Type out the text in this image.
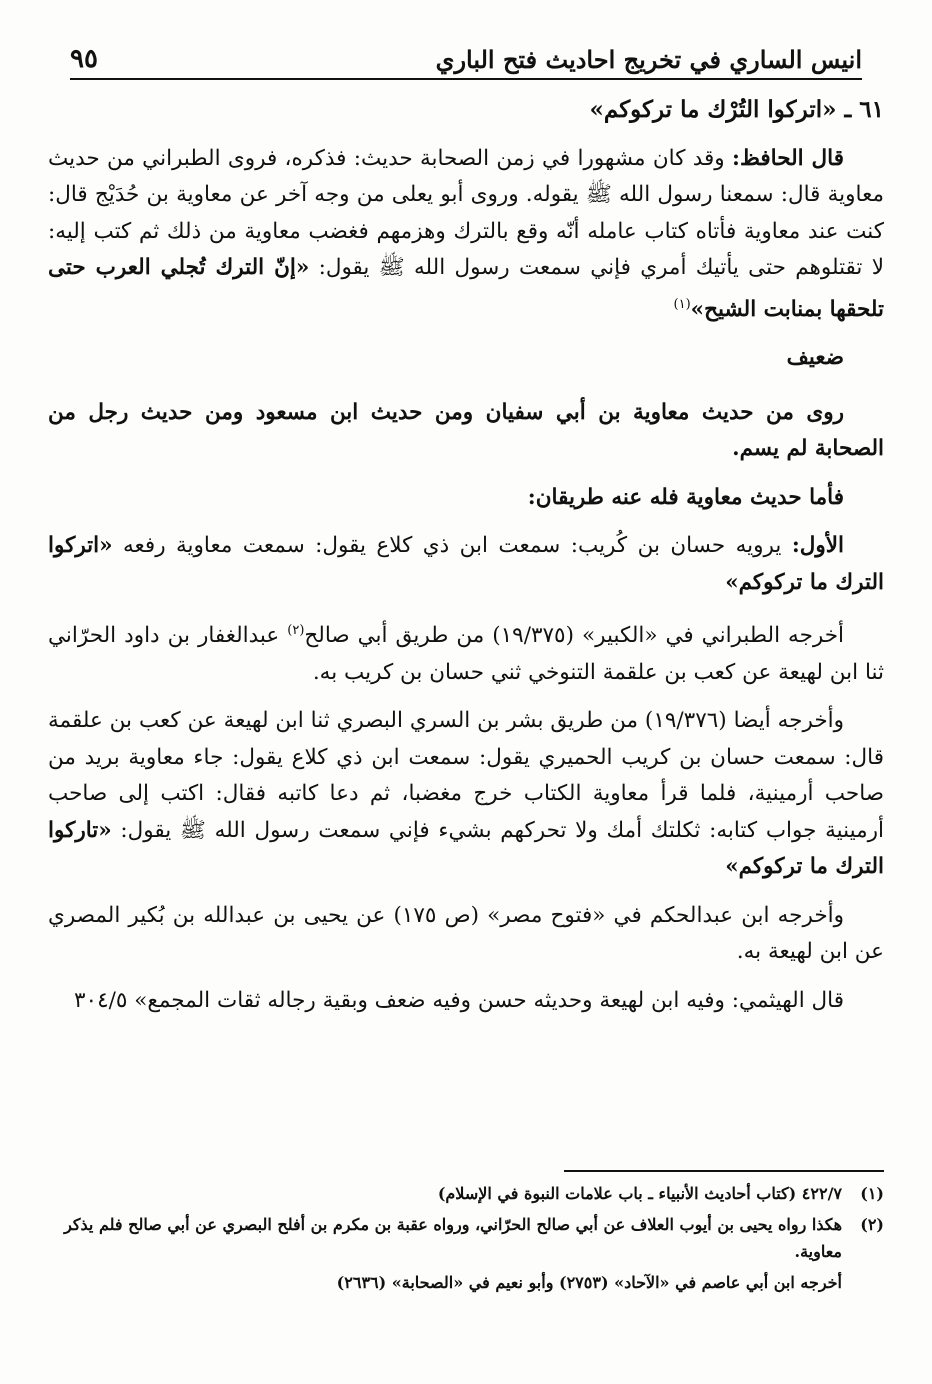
انيس الساري في تخريج احاديث فتح الباري
٩٥

٦١ ـ «اتركوا التُرْك ما تركوكم»

قال الحافظ: وقد كان مشهورا في زمن الصحابة حديث: فذكره، فروى الطبراني من حديث معاوية قال: سمعنا رسول الله ﷺ يقوله. وروى أبو يعلى من وجه آخر عن معاوية بن حُدَيْج قال: كنت عند معاوية فأتاه كتاب عامله أنّه وقع بالترك وهزمهم فغضب معاوية من ذلك ثم كتب إليه: لا تقتلوهم حتى يأتيك أمري فإني سمعت رسول الله ﷺ يقول: «إنّ الترك تُجلي العرب حتى تلحقها بمنابت الشيح»$^{(١)}$

ضعيف

روى من حديث معاوية بن أبي سفيان ومن حديث ابن مسعود ومن حديث رجل من الصحابة لم يسم.

فأما حديث معاوية فله عنه طريقان:

الأول: يرويه حسان بن كُريب: سمعت ابن ذي كلاع يقول: سمعت معاوية رفعه «اتركوا الترك ما تركوكم»

أخرجه الطبراني في «الكبير» (١٩/٣٧٥) من طريق أبي صالح$^{(٢)}$ عبدالغفار بن داود الحرّاني ثنا ابن لهيعة عن كعب بن علقمة التنوخي ثني حسان بن كريب به.

وأخرجه أيضا (١٩/٣٧٦) من طريق بشر بن السري البصري ثنا ابن لهيعة عن كعب بن علقمة قال: سمعت حسان بن كريب الحميري يقول: سمعت ابن ذي كلاع يقول: جاء معاوية بريد من صاحب أرمينية، فلما قرأ معاوية الكتاب خرج مغضبا، ثم دعا كاتبه فقال: اكتب إلى صاحب أرمينية جواب كتابه: ثكلتك أمك ولا تحركهم بشيء فإني سمعت رسول الله ﷺ يقول: «تاركوا الترك ما تركوكم»

وأخرجه ابن عبدالحكم في «فتوح مصر» (ص ١٧٥) عن يحيى بن عبدالله بن بُكير المصري عن ابن لهيعة به.

قال الهيثمي: وفيه ابن لهيعة وحديثه حسن وفيه ضعف وبقية رجاله ثقات المجمع» ٣٠٤/٥

(١)
٤٢٢/٧ (كتاب أحاديث الأنبياء ـ باب علامات النبوة في الإسلام)
(٢)
هكذا رواه يحيى بن أيوب العلاف عن أبي صالح الحرّاني، ورواه عقبة بن مكرم بن أفلح البصري عن أبي صالح فلم يذكر معاوية.
أخرجه ابن أبي عاصم في «الآحاد» (٢٧٥٣) وأبو نعيم في «الصحابة» (٢٦٣٦)
